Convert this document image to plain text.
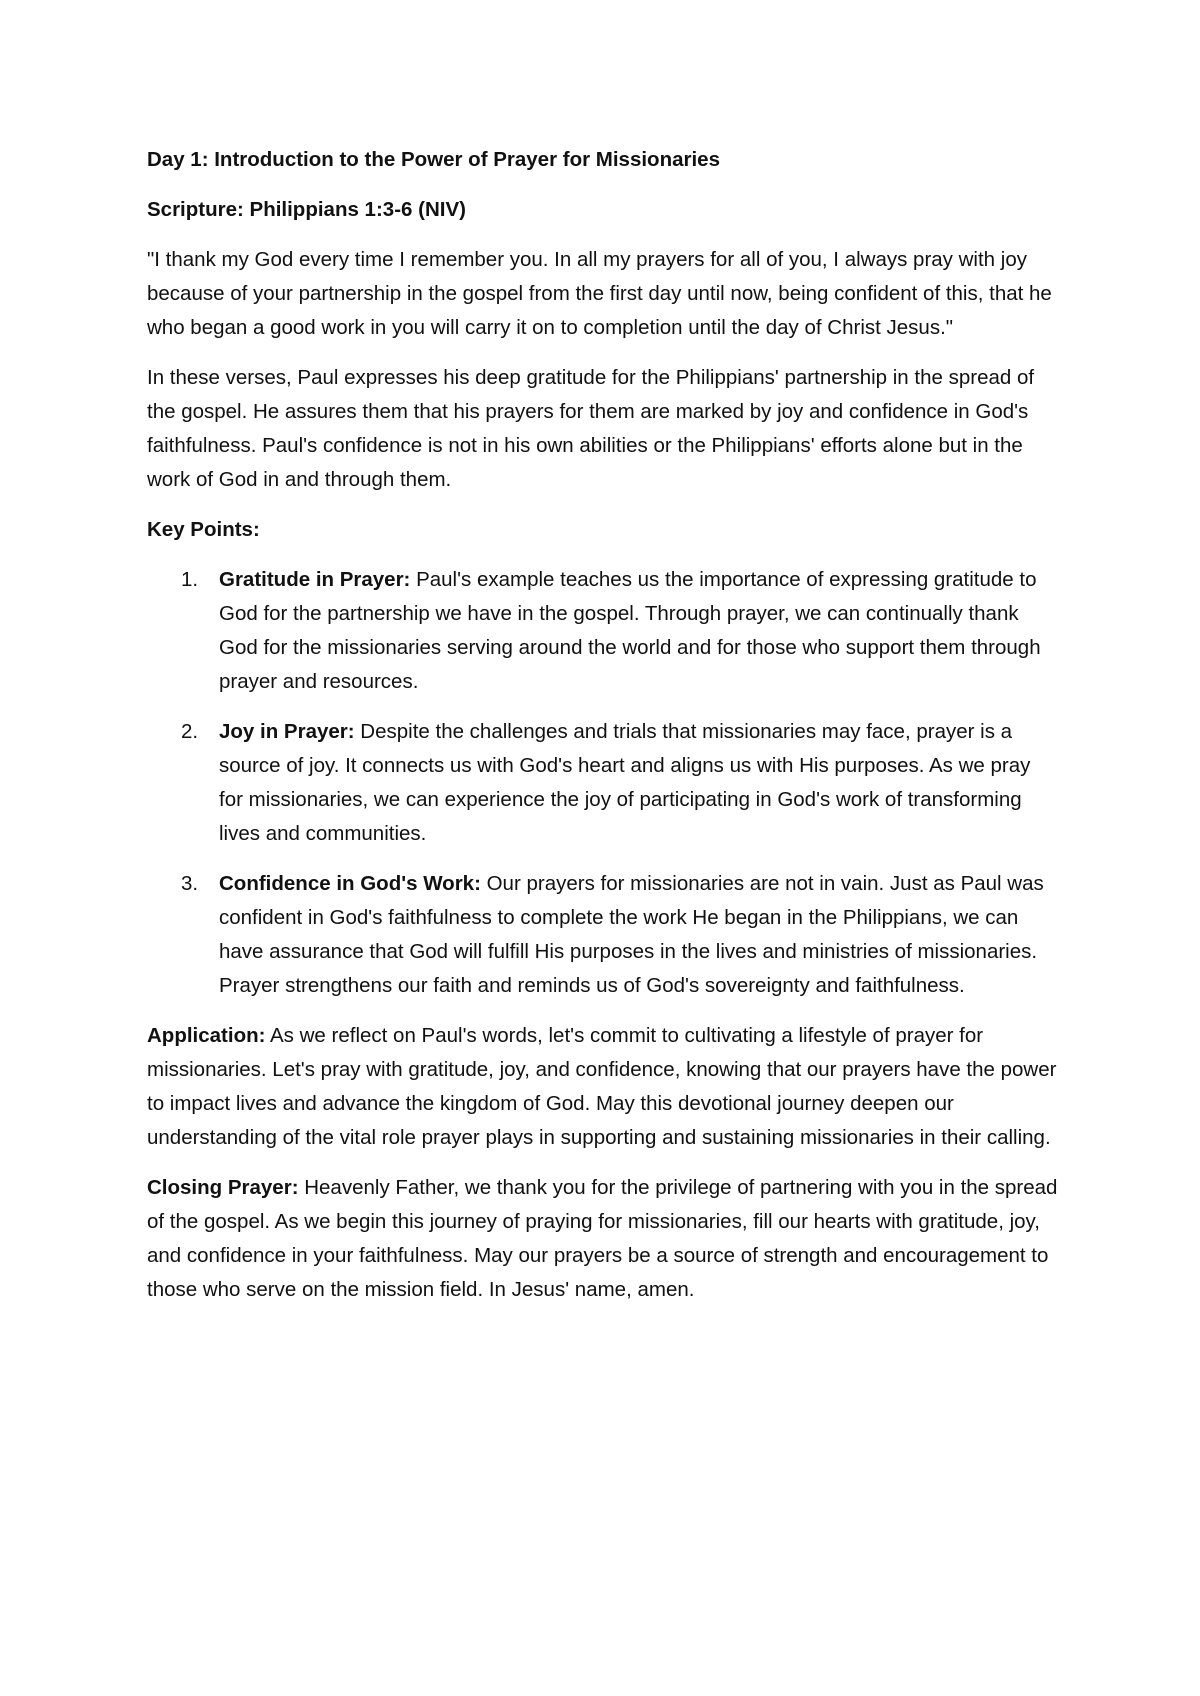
Day 1: Introduction to the Power of Prayer for Missionaries

Scripture: Philippians 1:3-6 (NIV)

"I thank my God every time I remember you. In all my prayers for all of you, I always pray with joy because of your partnership in the gospel from the first day until now, being confident of this, that he who began a good work in you will carry it on to completion until the day of Christ Jesus."

In these verses, Paul expresses his deep gratitude for the Philippians' partnership in the spread of the gospel. He assures them that his prayers for them are marked by joy and confidence in God's faithfulness. Paul's confidence is not in his own abilities or the Philippians' efforts alone but in the work of God in and through them.

Key Points:

1. Gratitude in Prayer: Paul's example teaches us the importance of expressing gratitude to God for the partnership we have in the gospel. Through prayer, we can continually thank God for the missionaries serving around the world and for those who support them through prayer and resources.
2. Joy in Prayer: Despite the challenges and trials that missionaries may face, prayer is a source of joy. It connects us with God's heart and aligns us with His purposes. As we pray for missionaries, we can experience the joy of participating in God's work of transforming lives and communities.
3. Confidence in God's Work: Our prayers for missionaries are not in vain. Just as Paul was confident in God's faithfulness to complete the work He began in the Philippians, we can have assurance that God will fulfill His purposes in the lives and ministries of missionaries. Prayer strengthens our faith and reminds us of God's sovereignty and faithfulness.

Application: As we reflect on Paul's words, let's commit to cultivating a lifestyle of prayer for missionaries. Let's pray with gratitude, joy, and confidence, knowing that our prayers have the power to impact lives and advance the kingdom of God. May this devotional journey deepen our understanding of the vital role prayer plays in supporting and sustaining missionaries in their calling.

Closing Prayer: Heavenly Father, we thank you for the privilege of partnering with you in the spread of the gospel. As we begin this journey of praying for missionaries, fill our hearts with gratitude, joy, and confidence in your faithfulness. May our prayers be a source of strength and encouragement to those who serve on the mission field. In Jesus' name, amen.
